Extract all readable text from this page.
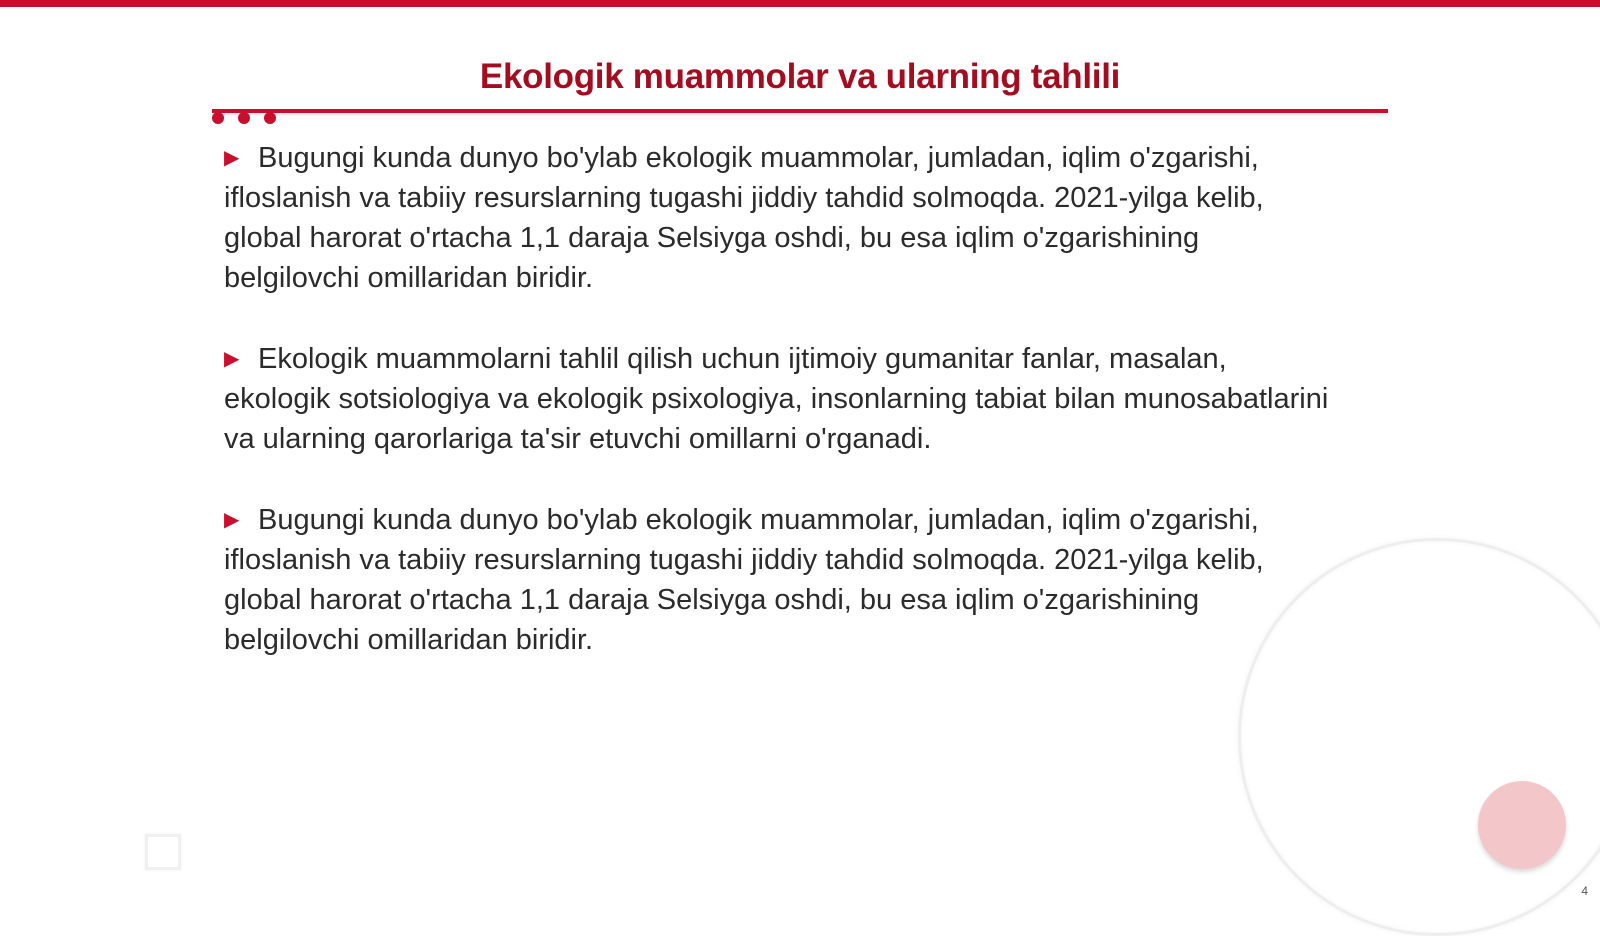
Ekologik muammolar va ularning tahlili

▶ Bugungi kunda dunyo bo'ylab ekologik muammolar, jumladan, iqlim o'zgarishi, ifloslanish va tabiiy resurslarning tugashi jiddiy tahdid solmoqda. 2021-yilga kelib, global harorat o'rtacha 1,1 daraja Selsiyga oshdi, bu esa iqlim o'zgarishining belgilovchi omillaridan biridir.

▶ Ekologik muammolarni tahlil qilish uchun ijtimoiy gumanitar fanlar, masalan, ekologik sotsiologiya va ekologik psixologiya, insonlarning tabiat bilan munosabatlarini va ularning qarorlariga ta'sir etuvchi omillarni o'rganadi.

▶ Bugungi kunda dunyo bo'ylab ekologik muammolar, jumladan, iqlim o'zgarishi, ifloslanish va tabiiy resurslarning tugashi jiddiy tahdid solmoqda. 2021-yilga kelib, global harorat o'rtacha 1,1 daraja Selsiyga oshdi, bu esa iqlim o'zgarishining belgilovchi omillaridan biridir.

4
